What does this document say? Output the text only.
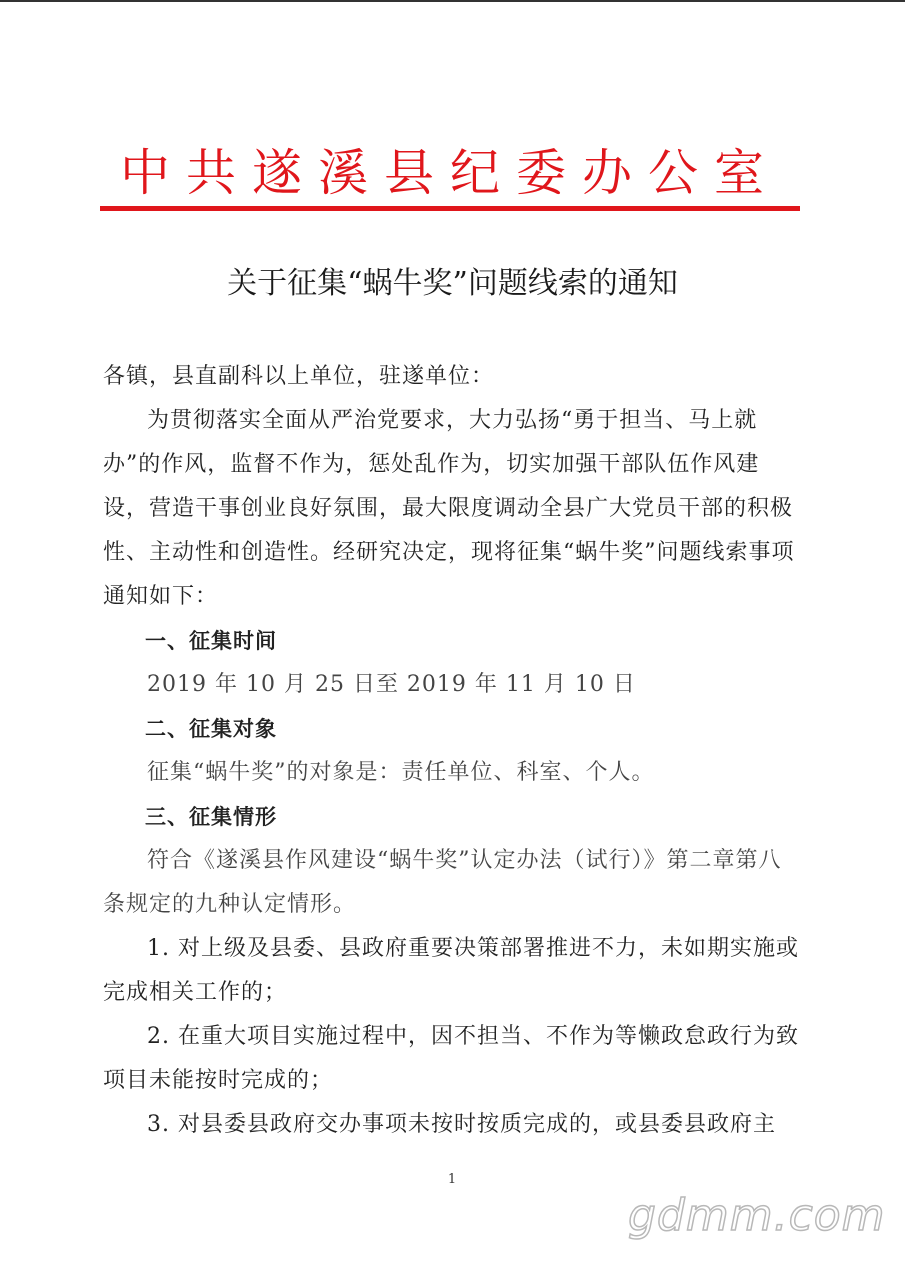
中共遂溪县纪委办公室
关于征集“蜗牛奖”问题线索的通知

各镇，县直副科以上单位，驻遂单位：

为贯彻落实全面从严治党要求，大力弘扬“勇于担当、马上就办”的作风，监督不作为，惩处乱作为，切实加强干部队伍作风建设，营造干事创业良好氛围，最大限度调动全县广大党员干部的积极性、主动性和创造性。经研究决定，现将征集“蜗牛奖”问题线索事项通知如下：

一、征集时间

2019 年 10 月 25 日至 2019 年 11 月 10 日

二、征集对象

征集“蜗牛奖”的对象是：责任单位、科室、个人。

三、征集情形

符合《遂溪县作风建设“蜗牛奖”认定办法（试行）》第二章第八条规定的九种认定情形。

1. 对上级及县委、县政府重要决策部署推进不力，未如期实施或完成相关工作的；

2. 在重大项目实施过程中，因不担当、不作为等懒政怠政行为致项目未能按时完成的；

3. 对县委县政府交办事项未按时按质完成的，或县委县政府主

1
gdmm.com
